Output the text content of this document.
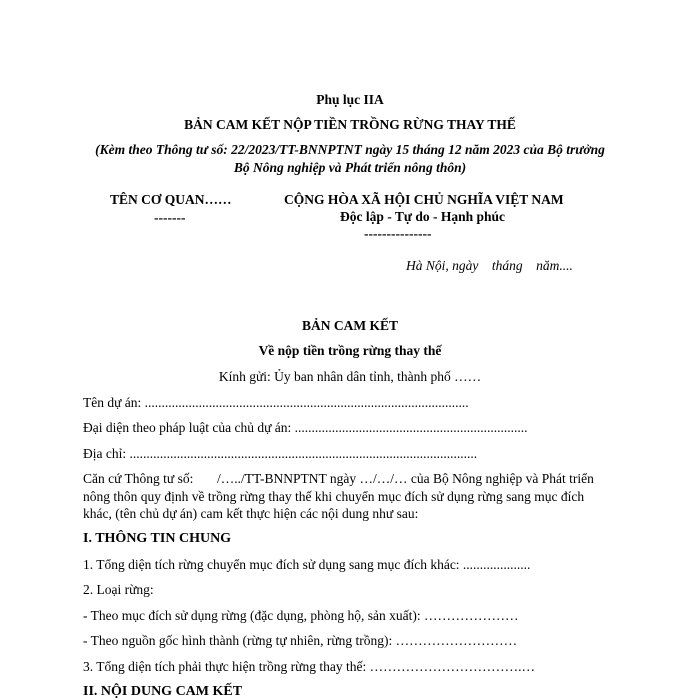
Phụ lục IIA
BẢN CAM KẾT NỘP TIỀN TRỒNG RỪNG THAY THẾ
(Kèm theo Thông tư số: 22/2023/TT-BNNPTNT ngày 15 tháng 12 năm 2023 của Bộ trưởng
Bộ Nông nghiệp và Phát triển nông thôn)
TÊN CƠ QUAN……
-------
CỘNG HÒA XÃ HỘI CHỦ NGHĨA VIỆT NAM
Độc lập - Tự do - Hạnh phúc
---------------
Hà Nội, ngày    tháng    năm....
BẢN CAM KẾT
Về nộp tiền trồng rừng thay thế
Kính gửi: Ủy ban nhân dân tỉnh, thành phố ……
Tên dự án: ................................................................................................
Đại diện theo pháp luật của chủ dự án: .....................................................................
Địa chỉ: .......................................................................................................
Căn cứ Thông tư số:       /…../TT-BNNPTNT ngày …/…/… của Bộ Nông nghiệp và Phát triển
nông thôn quy định về trồng rừng thay thế khi chuyển mục đích sử dụng rừng sang mục đích
khác, (tên chủ dự án) cam kết thực hiện các nội dung như sau:
I. THÔNG TIN CHUNG
1. Tổng diện tích rừng chuyển mục đích sử dụng sang mục đích khác: ....................
2. Loại rừng:
- Theo mục đích sử dụng rừng (đặc dụng, phòng hộ, sản xuất): …………………
- Theo nguồn gốc hình thành (rừng tự nhiên, rừng trồng): ………………………
3. Tổng diện tích phải thực hiện trồng rừng thay thế: …………………………….…
II. NỘI DUNG CAM KẾT
